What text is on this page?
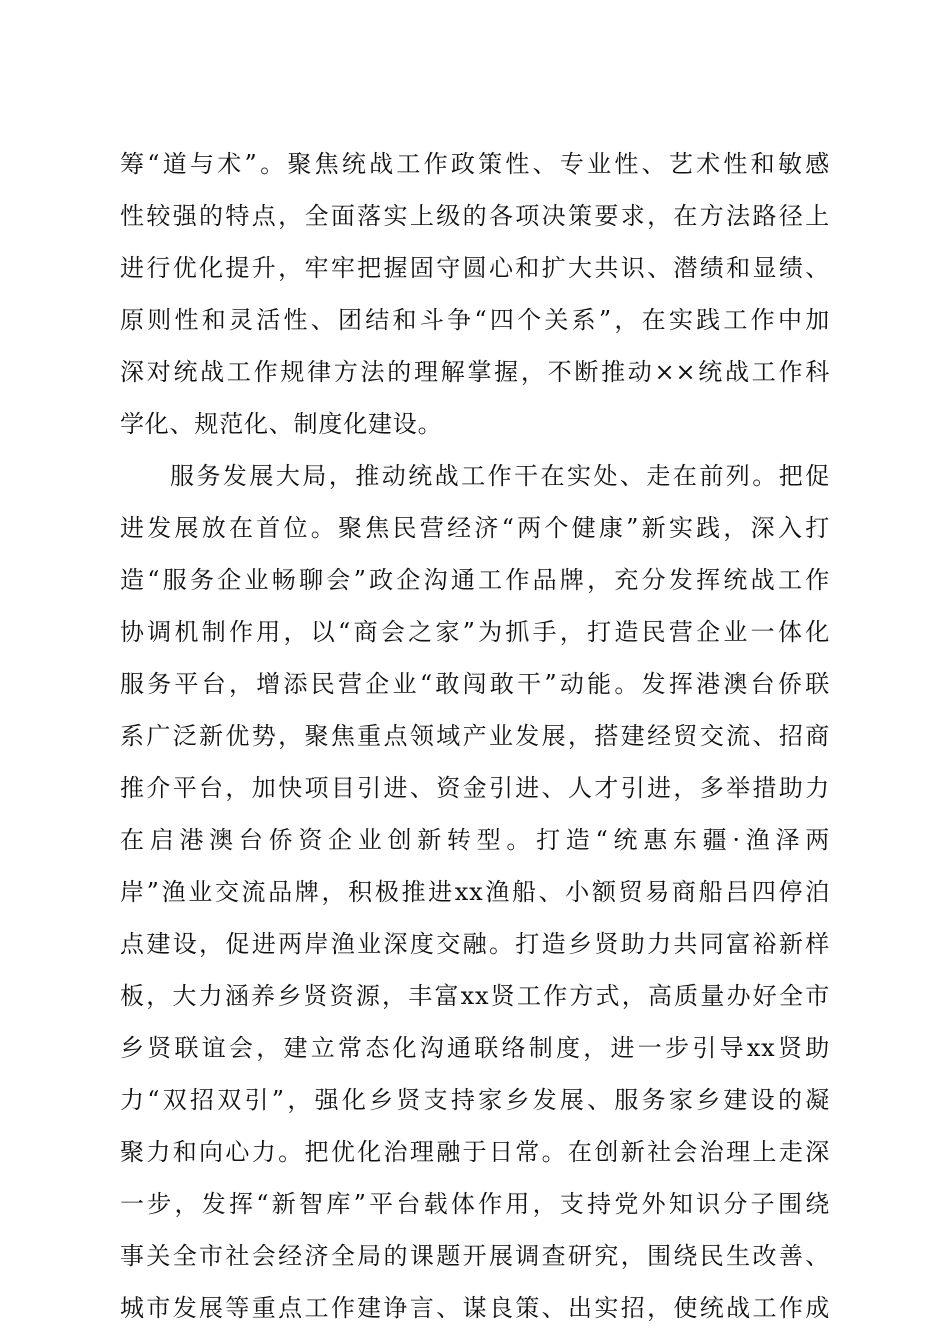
筹“道与术”。聚焦统战工作政策性、专业性、艺术性和敏感
性较强的特点，全面落实上级的各项决策要求，在方法路径上
进行优化提升，牢牢把握固守圆心和扩大共识、潜绩和显绩、
原则性和灵活性、团结和斗争“四个关系”，在实践工作中加
深对统战工作规律方法的理解掌握，不断推动××统战工作科
学化、规范化、制度化建设。
服务发展大局，推动统战工作干在实处、走在前列。把促
进发展放在首位。聚焦民营经济“两个健康”新实践，深入打
造“服务企业畅聊会”政企沟通工作品牌，充分发挥统战工作
协调机制作用，以“商会之家”为抓手，打造民营企业一体化
服务平台，增添民营企业“敢闯敢干”动能。发挥港澳台侨联
系广泛新优势，聚焦重点领域产业发展，搭建经贸交流、招商
推介平台，加快项目引进、资金引进、人才引进，多举措助力
在启港澳台侨资企业创新转型。打造“统惠东疆·渔泽两
岸”渔业交流品牌，积极推进xx渔船、小额贸易商船吕四停泊
点建设，促进两岸渔业深度交融。打造乡贤助力共同富裕新样
板，大力涵养乡贤资源，丰富xx贤工作方式，高质量办好全市
乡贤联谊会，建立常态化沟通联络制度，进一步引导xx贤助
力“双招双引”，强化乡贤支持家乡发展、服务家乡建设的凝
聚力和向心力。把优化治理融于日常。在创新社会治理上走深
一步，发挥“新智库”平台载体作用，支持党外知识分子围绕
事关全市社会经济全局的课题开展调查研究，围绕民生改善、
城市发展等重点工作建诤言、谋良策、出实招，使统战工作成
